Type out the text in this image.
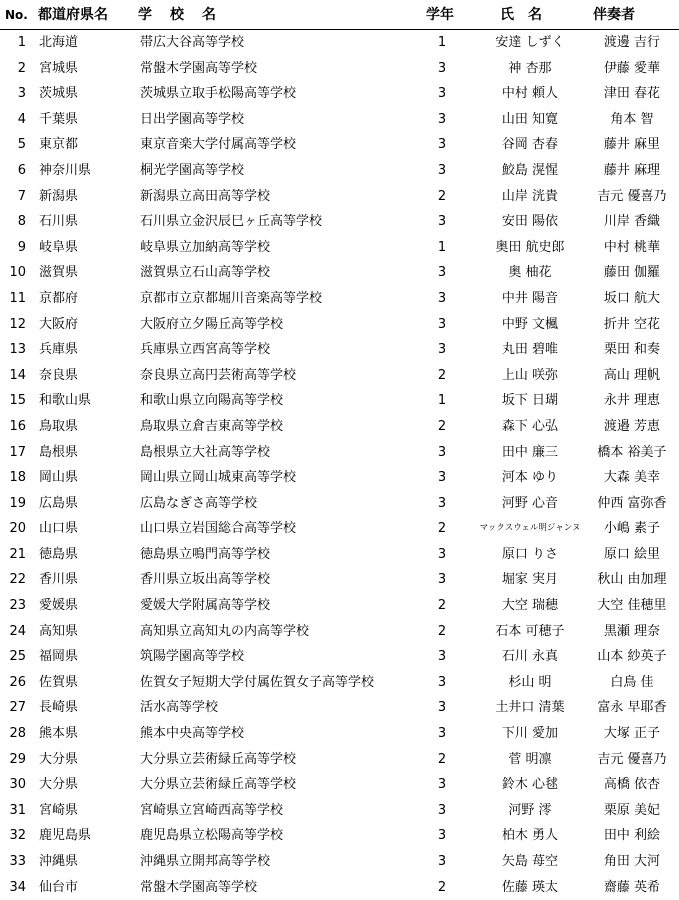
No. 都道府県名 学校名	学年	氏名	伴奏者
1 北海道	帯広大谷高等学校	1	安達 しずく	渡邊 吉行
2 宮城県	常盤木学園高等学校	3	神 杏那	伊藤 愛華
3 茨城県	茨城県立取手松陽高等学校	3	中村 頼人	津田 春花
4 千葉県	日出学園高等学校	3	山田 知寛	角本 智
5 東京都	東京音楽大学付属高等学校	3	谷岡 杏春	藤井 麻里
6 神奈川県	桐光学園高等学校	3	鮫島 滉惺	藤井 麻理
7 新潟県	新潟県立高田高等学校	2	山岸 洸貴	吉元 優喜乃
8 石川県	石川県立金沢辰巳ヶ丘高等学校	3	安田 陽依	川岸 香織
9 岐阜県	岐阜県立加納高等学校	1	奥田 航史郎	中村 桃華
10 滋賀県	滋賀県立石山高等学校	3	奥 柚花	藤田 伽羅
11 京都府	京都市立京都堀川音楽高等学校	3	中井 陽音	坂口 航大
12 大阪府	大阪府立夕陽丘高等学校	3	中野 文楓	折井 空花
13 兵庫県	兵庫県立西宮高等学校	3	丸田 碧唯	栗田 和奏
14 奈良県	奈良県立高円芸術高等学校	2	上山 咲弥	高山 理帆
15 和歌山県	和歌山県立向陽高等学校	1	坂下 日瑚	永井 理恵
16 鳥取県	鳥取県立倉吉東高等学校	2	森下 心弘	渡邉 芳恵
17 島根県	島根県立大社高等学校	3	田中 廉三	橋本 裕美子
18 岡山県	岡山県立岡山城東高等学校	3	河本 ゆり	大森 美幸
19 広島県	広島なぎさ高等学校	3	河野 心音	仲西 富弥香
20 山口県	山口県立岩国総合高等学校	2	マックスウェル明ジャンヌ	小嶋 素子
21 徳島県	徳島県立鳴門高等学校	3	原口 りさ	原口 絵里
22 香川県	香川県立坂出高等学校	3	堀家 実月	秋山 由加理
23 愛媛県	愛媛大学附属高等学校	2	大空 瑞穂	大空 佳穂里
24 高知県	高知県立高知丸の内高等学校	2	石本 可穂子	黒瀬 理奈
25 福岡県	筑陽学園高等学校	3	石川 永真	山本 紗英子
26 佐賀県	佐賀女子短期大学付属佐賀女子高等学校	3	杉山 明	白鳥 佳
27 長崎県	活水高等学校	3	土井口 清葉	富永 早耶香
28 熊本県	熊本中央高等学校	3	下川 愛加	大塚 正子
29 大分県	大分県立芸術緑丘高等学校	2	菅 明凛	吉元 優喜乃
30 大分県	大分県立芸術緑丘高等学校	3	鈴木 心毬	高橋 依杏
31 宮崎県	宮崎県立宮崎西高等学校	3	河野 澪	栗原 美妃
32 鹿児島県	鹿児島県立松陽高等学校	3	柏木 勇人	田中 利絵
33 沖縄県	沖縄県立開邦高等学校	3	矢島 苺空	角田 大河
34 仙台市	常盤木学園高等学校	2	佐藤 瑛太	齋藤 英希
